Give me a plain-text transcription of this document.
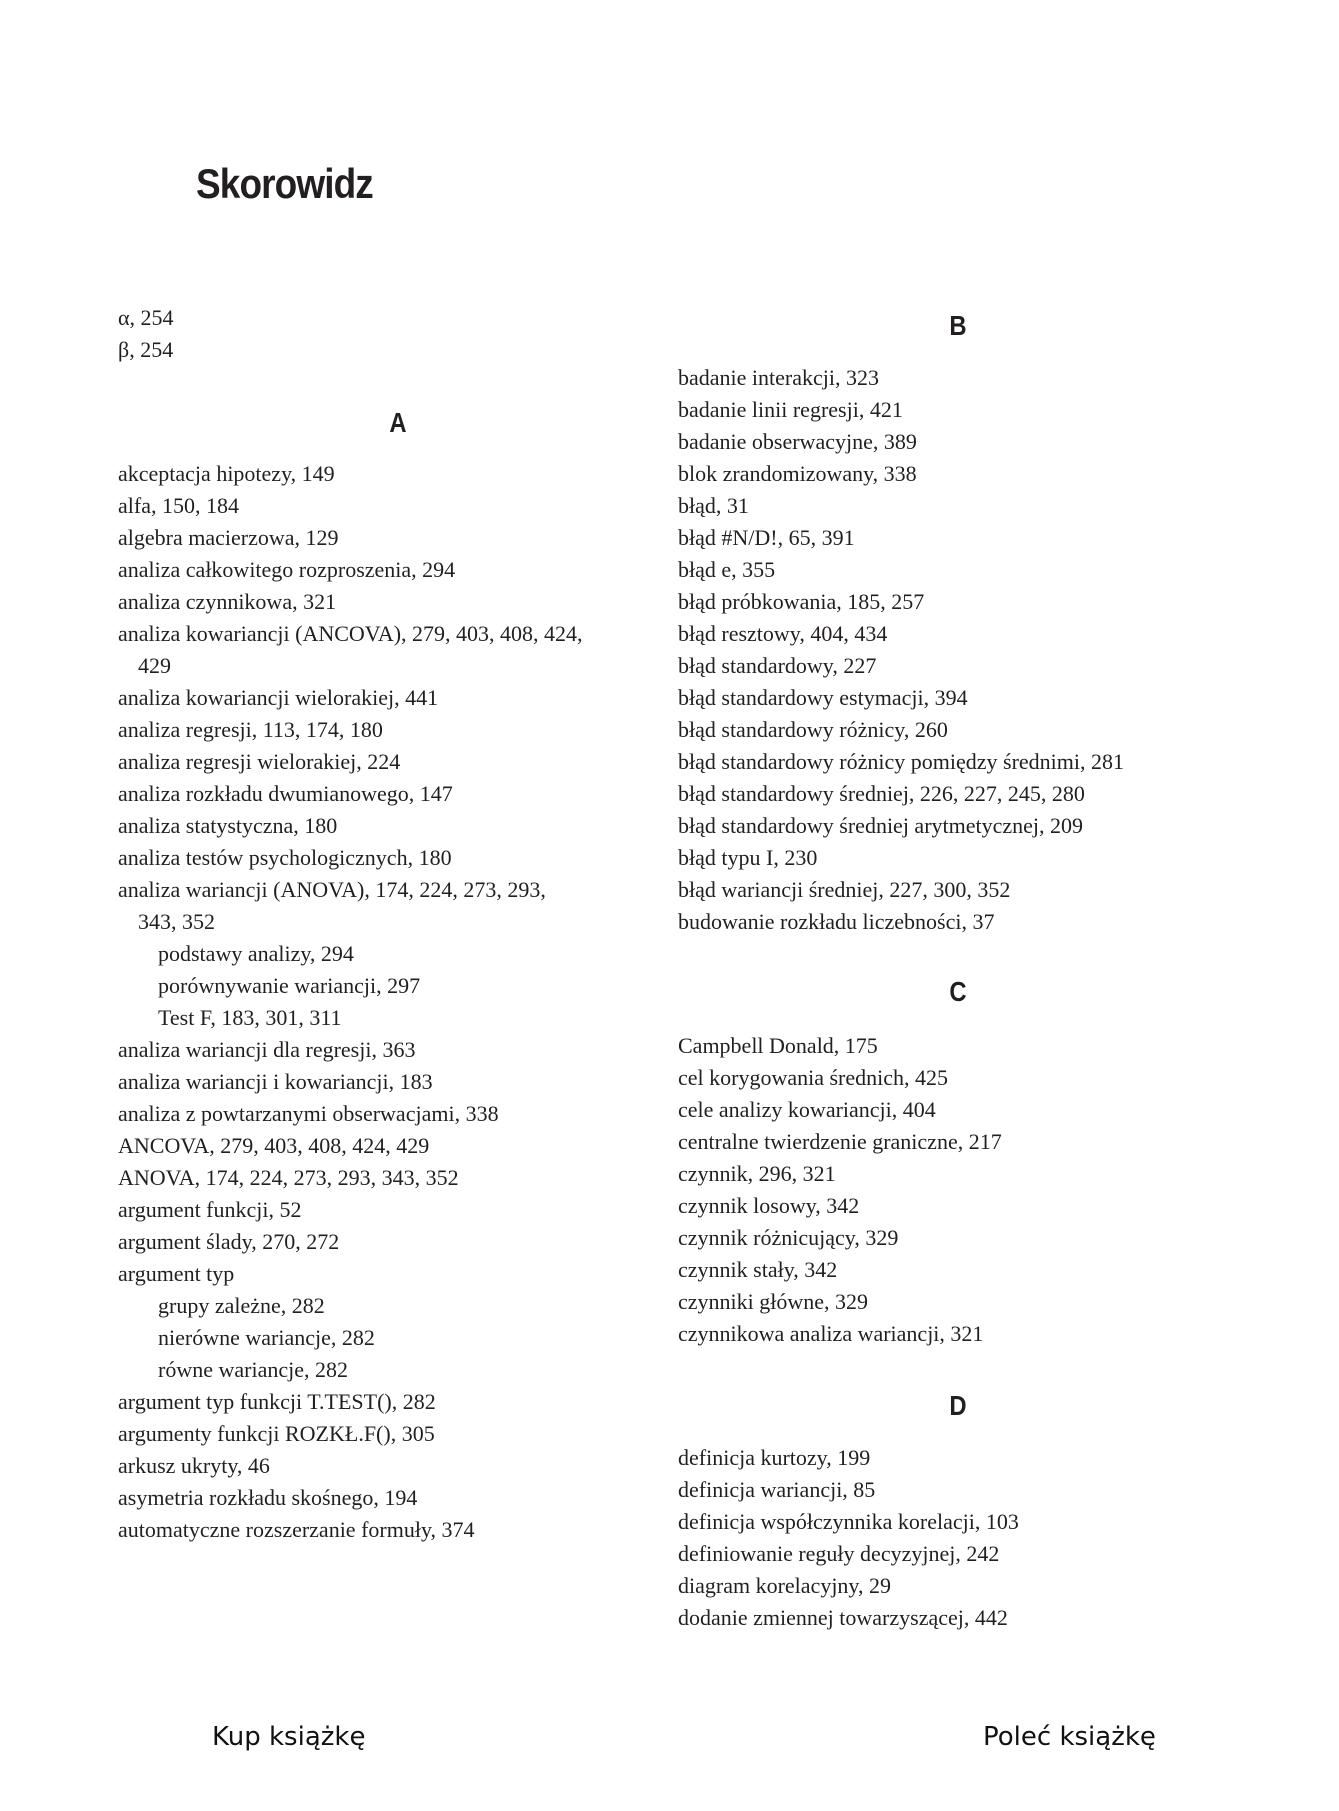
Skorowidz
α, 254
β, 254
A
akceptacja hipotezy, 149
alfa, 150, 184
algebra macierzowa, 129
analiza całkowitego rozproszenia, 294
analiza czynnikowa, 321
analiza kowariancji (ANCOVA), 279, 403, 408, 424,
429
analiza kowariancji wielorakiej, 441
analiza regresji, 113, 174, 180
analiza regresji wielorakiej, 224
analiza rozkładu dwumianowego, 147
analiza statystyczna, 180
analiza testów psychologicznych, 180
analiza wariancji (ANOVA), 174, 224, 273, 293,
343, 352
podstawy analizy, 294
porównywanie wariancji, 297
Test F, 183, 301, 311
analiza wariancji dla regresji, 363
analiza wariancji i kowariancji, 183
analiza z powtarzanymi obserwacjami, 338
ANCOVA, 279, 403, 408, 424, 429
ANOVA, 174, 224, 273, 293, 343, 352
argument funkcji, 52
argument ślady, 270, 272
argument typ
grupy zależne, 282
nierówne wariancje, 282
równe wariancje, 282
argument typ funkcji T.TEST(), 282
argumenty funkcji ROZKŁ.F(), 305
arkusz ukryty, 46
asymetria rozkładu skośnego, 194
automatyczne rozszerzanie formuły, 374
B
badanie interakcji, 323
badanie linii regresji, 421
badanie obserwacyjne, 389
blok zrandomizowany, 338
błąd, 31
błąd #N/D!, 65, 391
błąd e, 355
błąd próbkowania, 185, 257
błąd resztowy, 404, 434
błąd standardowy, 227
błąd standardowy estymacji, 394
błąd standardowy różnicy, 260
błąd standardowy różnicy pomiędzy średnimi, 281
błąd standardowy średniej, 226, 227, 245, 280
błąd standardowy średniej arytmetycznej, 209
błąd typu I, 230
błąd wariancji średniej, 227, 300, 352
budowanie rozkładu liczebności, 37
C
Campbell Donald, 175
cel korygowania średnich, 425
cele analizy kowariancji, 404
centralne twierdzenie graniczne, 217
czynnik, 296, 321
czynnik losowy, 342
czynnik różnicujący, 329
czynnik stały, 342
czynniki główne, 329
czynnikowa analiza wariancji, 321
D
definicja kurtozy, 199
definicja wariancji, 85
definicja współczynnika korelacji, 103
definiowanie reguły decyzyjnej, 242
diagram korelacyjny, 29
dodanie zmiennej towarzyszącej, 442
Kup książkę	Poleć książkę
